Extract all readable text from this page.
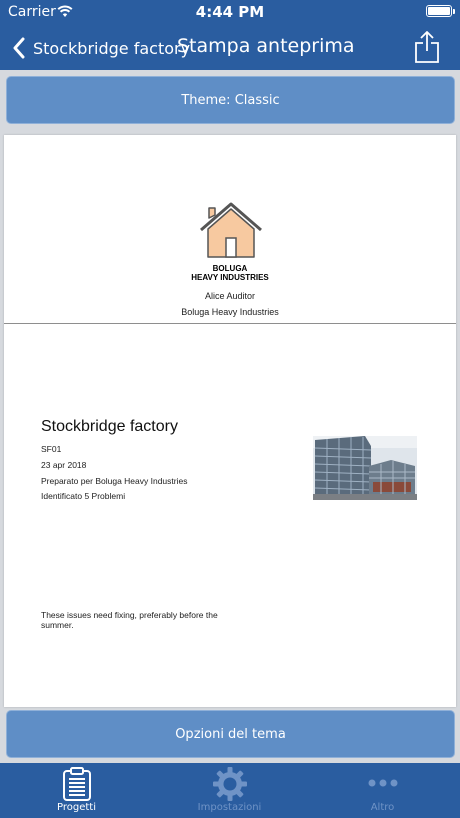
Carrier	4:44 PM
Stockbridge factory
Stampa anteprima
Theme: Classic
BOLUGA
HEAVY INDUSTRIES
Alice Auditor
Boluga Heavy Industries
Stockbridge factory
SF01
23 apr 2018
Preparato per Boluga Heavy Industries
Identificato 5 Problemi
These issues need fixing, preferably before the summer.
Opzioni del tema
Progetti	Impostazioni	Altro
